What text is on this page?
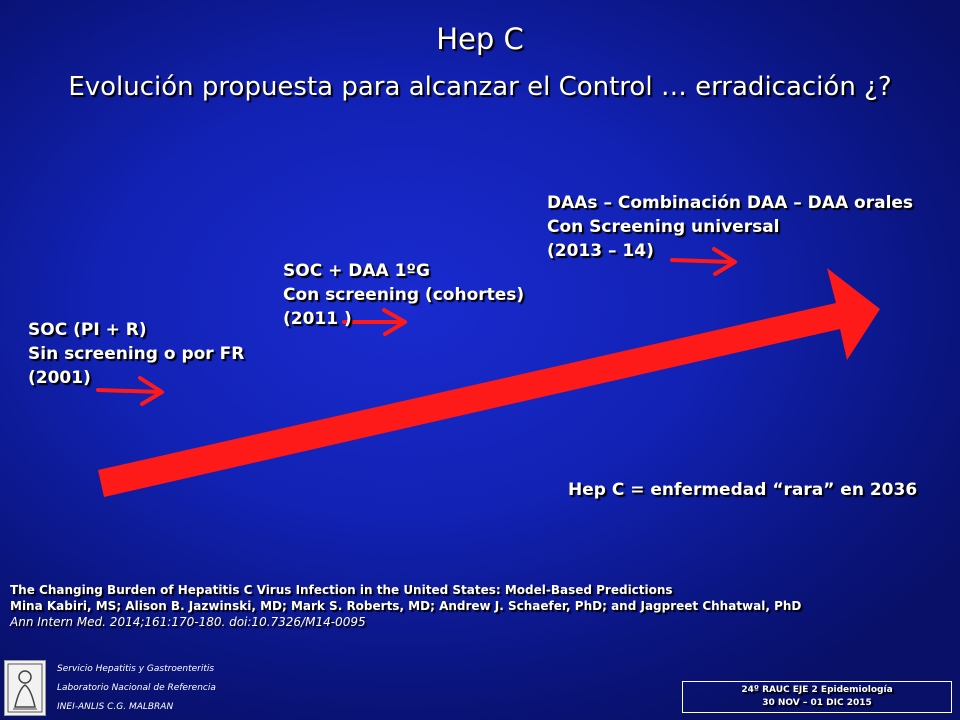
Hep C
Evolución propuesta para alcanzar el Control … erradicación ¿?
SOC (PI + R)
Sin screening o por FR
(2001)
SOC + DAA 1ºG
Con screening (cohortes)
(2011 )
DAAs – Combinación DAA – DAA orales
Con Screening universal
(2013 – 14)
Hep C = enfermedad “rara” en 2036
The Changing Burden of Hepatitis C Virus Infection in the United States: Model-Based Predictions
Mina Kabiri, MS; Alison B. Jazwinski, MD; Mark S. Roberts, MD; Andrew J. Schaefer, PhD; and Jagpreet Chhatwal, PhD
Ann Intern Med. 2014;161:170-180. doi:10.7326/M14-0095
Servicio Hepatitis y Gastroenteritis
Laboratorio Nacional de Referencia
INEI-ANLIS C.G. MALBRAN
24º RAUC EJE 2 Epidemiología
30 NOV – 01 DIC 2015
